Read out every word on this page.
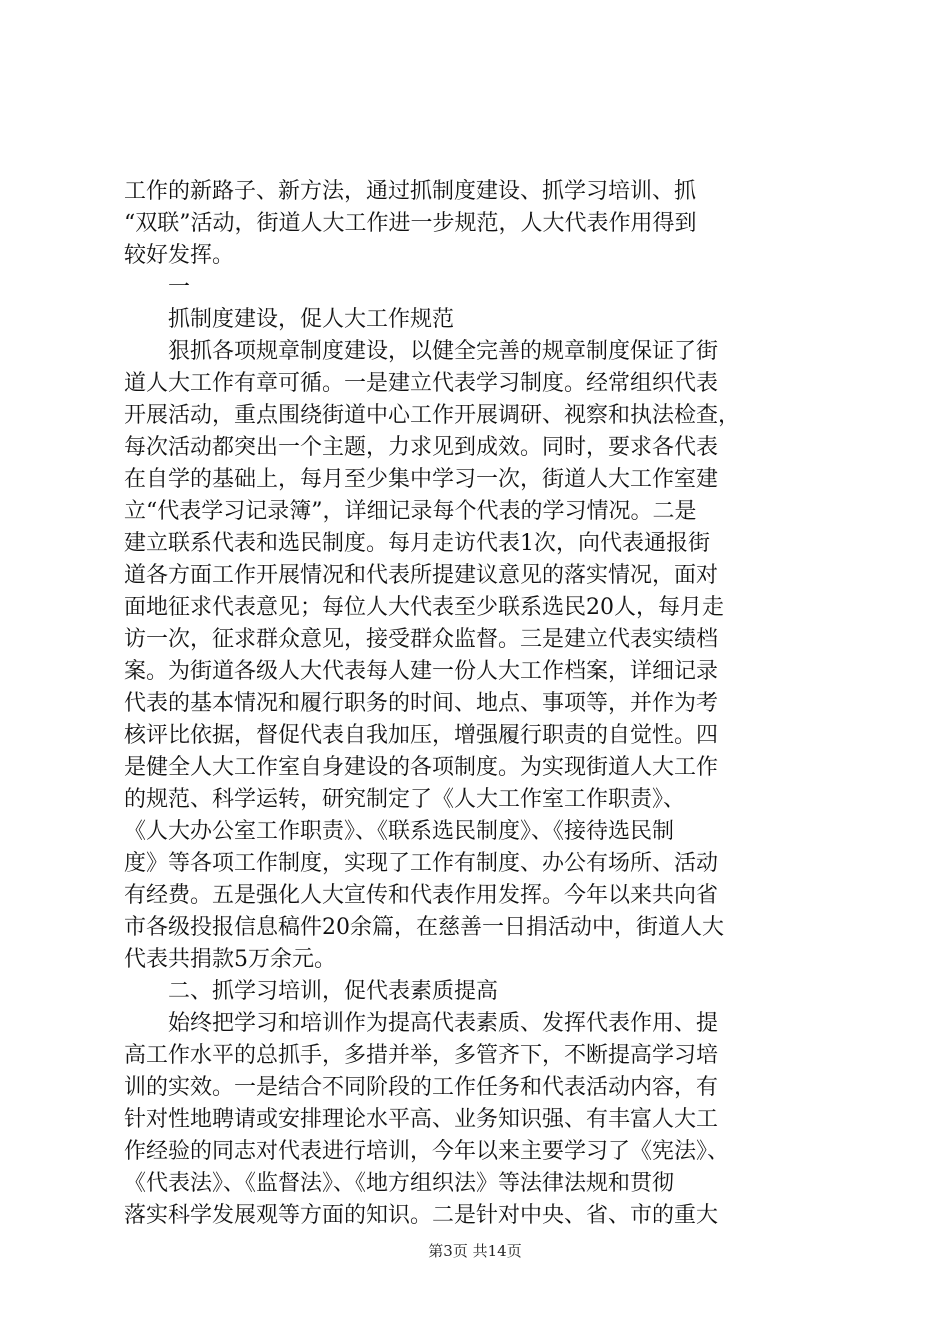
工作的新路子、新方法，通过抓制度建设、抓学习培训、抓
“双联”活动，街道人大工作进一步规范，人大代表作用得到
较好发挥。
　　一
　　抓制度建设，促人大工作规范
　　狠抓各项规章制度建设，以健全完善的规章制度保证了街
道人大工作有章可循。一是建立代表学习制度。经常组织代表
开展活动，重点围绕街道中心工作开展调研、视察和执法检查，
每次活动都突出一个主题，力求见到成效。同时，要求各代表
在自学的基础上，每月至少集中学习一次，街道人大工作室建
立“代表学习记录簿”，详细记录每个代表的学习情况。二是
建立联系代表和选民制度。每月走访代表1次，向代表通报街
道各方面工作开展情况和代表所提建议意见的落实情况，面对
面地征求代表意见；每位人大代表至少联系选民20人，每月走
访一次，征求群众意见，接受群众监督。三是建立代表实绩档
案。为街道各级人大代表每人建一份人大工作档案，详细记录
代表的基本情况和履行职务的时间、地点、事项等，并作为考
核评比依据，督促代表自我加压，增强履行职责的自觉性。四
是健全人大工作室自身建设的各项制度。为实现街道人大工作
的规范、科学运转，研究制定了《人大工作室工作职责》、
《人大办公室工作职责》、《联系选民制度》、《接待选民制
度》等各项工作制度，实现了工作有制度、办公有场所、活动
有经费。五是强化人大宣传和代表作用发挥。今年以来共向省
市各级投报信息稿件20余篇，在慈善一日捐活动中，街道人大
代表共捐款5万余元。
　　二、抓学习培训，促代表素质提高
　　始终把学习和培训作为提高代表素质、发挥代表作用、提
高工作水平的总抓手，多措并举，多管齐下，不断提高学习培
训的实效。一是结合不同阶段的工作任务和代表活动内容，有
针对性地聘请或安排理论水平高、业务知识强、有丰富人大工
作经验的同志对代表进行培训，今年以来主要学习了《宪法》、
《代表法》、《监督法》、《地方组织法》等法律法规和贯彻
落实科学发展观等方面的知识。二是针对中央、省、市的重大
第3页 共14页
